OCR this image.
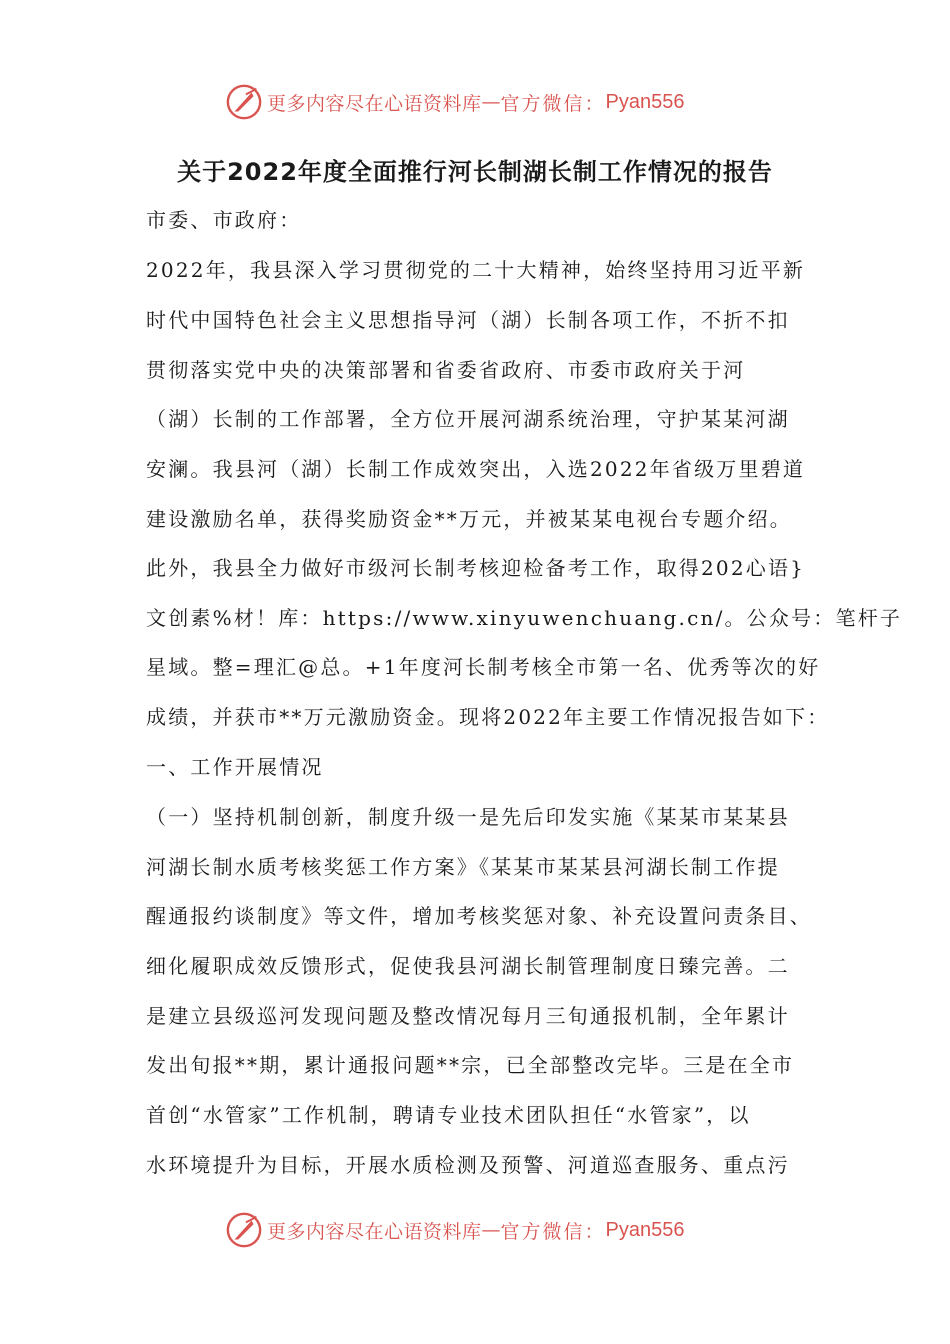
更多内容尽在心语资料库 — 官方微信： Pyan556
关于2022年度全面推行河长制湖长制工作情况的报告
市委、市政府：
2022年，我县深入学习贯彻党的二十大精神，始终坚持用习近平新
时代中国特色社会主义思想指导河（湖）长制各项工作，不折不扣
贯彻落实党中央的决策部署和省委省政府、市委市政府关于河
（湖）长制的工作部署，全方位开展河湖系统治理，守护某某河湖
安澜。我县河（湖）长制工作成效突出，入选2022年省级万里碧道
建设激励名单，获得奖励资金**万元，并被某某电视台专题介绍。
此外，我县全力做好市级河长制考核迎检备考工作，取得202心语}
文创素%材！库：https://www.xinyuwenchuang.cn/。公众号：笔杆子
星域。整=理汇@总。+1年度河长制考核全市第一名、优秀等次的好
成绩，并获市**万元激励资金。现将2022年主要工作情况报告如下：
一、工作开展情况
（一）坚持机制创新，制度升级一是先后印发实施《某某市某某县
河湖长制水质考核奖惩工作方案》《某某市某某县河湖长制工作提
醒通报约谈制度》等文件，增加考核奖惩对象、补充设置问责条目、
细化履职成效反馈形式，促使我县河湖长制管理制度日臻完善。二
是建立县级巡河发现问题及整改情况每月三旬通报机制，全年累计
发出旬报**期，累计通报问题**宗，已全部整改完毕。三是在全市
首创“水管家”工作机制，聘请专业技术团队担任“水管家”，以
水环境提升为目标，开展水质检测及预警、河道巡查服务、重点污
更多内容尽在心语资料库 — 官方微信： Pyan556
